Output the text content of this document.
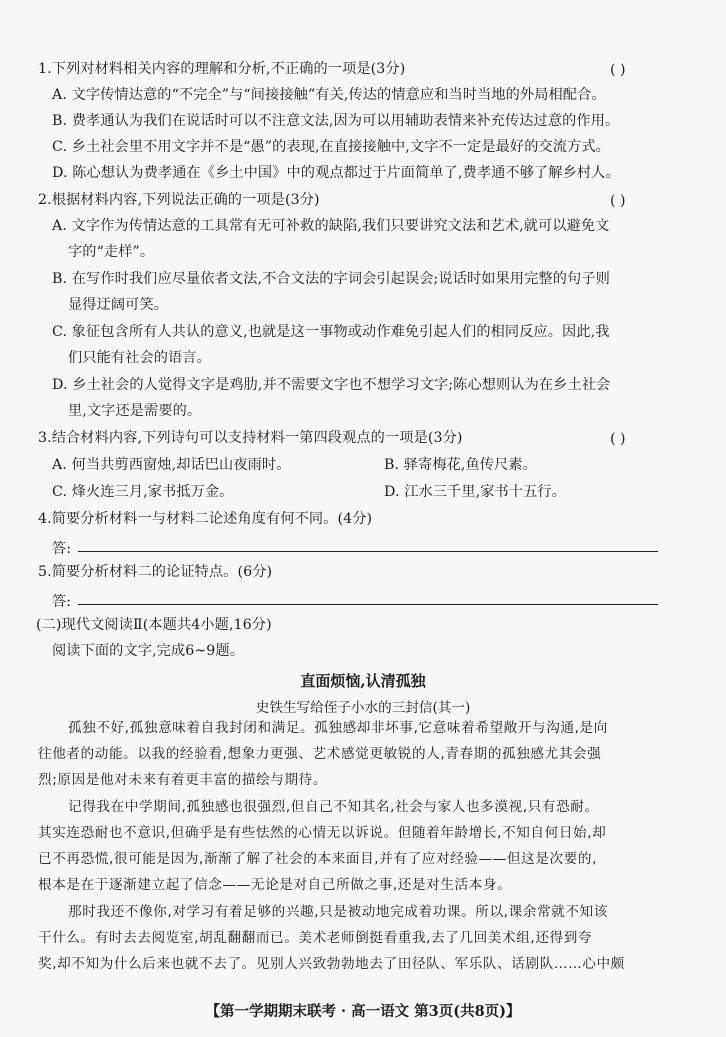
1.下列对材料相关内容的理解和分析,不正确的一项是(3分)	( )
A. 文字传情达意的“不完全”与“间接接触”有关,传达的情意应和当时当地的外局相配合。
B. 费孝通认为我们在说话时可以不注意文法,因为可以用辅助表情来补充传达过意的作用。
C. 乡土社会里不用文字并不是“愚”的表现,在直接接触中,文字不一定是最好的交流方式。
D. 陈心想认为费孝通在《乡土中国》中的观点都过于片面简单了,费孝通不够了解乡村人。
2.根据材料内容,下列说法正确的一项是(3分)	( )
A. 文字作为传情达意的工具常有无可补救的缺陷,我们只要讲究文法和艺术,就可以避免文
字的“走样”。
B. 在写作时我们应尽量依者文法,不合文法的字词会引起误会;说话时如果用完整的句子则
显得迂阔可笑。
C. 象征包含所有人共认的意义,也就是这一事物或动作难免引起人们的相同反应。因此,我
们只能有社会的语言。
D. 乡土社会的人觉得文字是鸡肋,并不需要文字也不想学习文字;陈心想则认为在乡土社会
里,文字还是需要的。
3.结合材料内容,下列诗句可以支持材料一第四段观点的一项是(3分)	( )
A. 何当共剪西窗烛,却话巴山夜雨时。	B. 驿寄梅花,鱼传尺素。
C. 烽火连三月,家书抵万金。	D. 江水三千里,家书十五行。
4.简要分析材料一与材料二论述角度有何不同。(4分)
答:
5.简要分析材料二的论证特点。(6分)
答:
(二)现代文阅读Ⅱ(本题共4小题,16分)
阅读下面的文字,完成6~9题。
直面烦恼,认清孤独
史铁生写给侄子小水的三封信(其一)
孤独不好,孤独意味着自我封闭和满足。孤独感却非坏事,它意味着希望敞开与沟通,是向
往他者的动能。以我的经验看,想象力更强、艺术感觉更敏锐的人,青春期的孤独感尤其会强
烈;原因是他对未来有着更丰富的描绘与期待。
记得我在中学期间,孤独感也很强烈,但自己不知其名,社会与家人也多漠视,只有恐耐。
其实连恐耐也不意识,但确乎是有些怯然的心情无以诉说。但随着年龄增长,不知自何日始,却
已不再恐慌,很可能是因为,渐渐了解了社会的本来面目,并有了应对经验——但这是次要的,
根本是在于逐渐建立起了信念——无论是对自己所做之事,还是对生活本身。
那时我还不像你,对学习有着足够的兴趣,只是被动地完成着功课。所以,课余常就不知该
干什么。有时去去阅览室,胡乱翻翻而已。美术老师倒挺看重我,去了几回美术组,还得到夸
奖,却不知为什么后来也就不去了。见别人兴致勃勃地去了田径队、军乐队、话剧队……心中颇
【第一学期期末联考 · 高一语文 第3页(共8页)】
